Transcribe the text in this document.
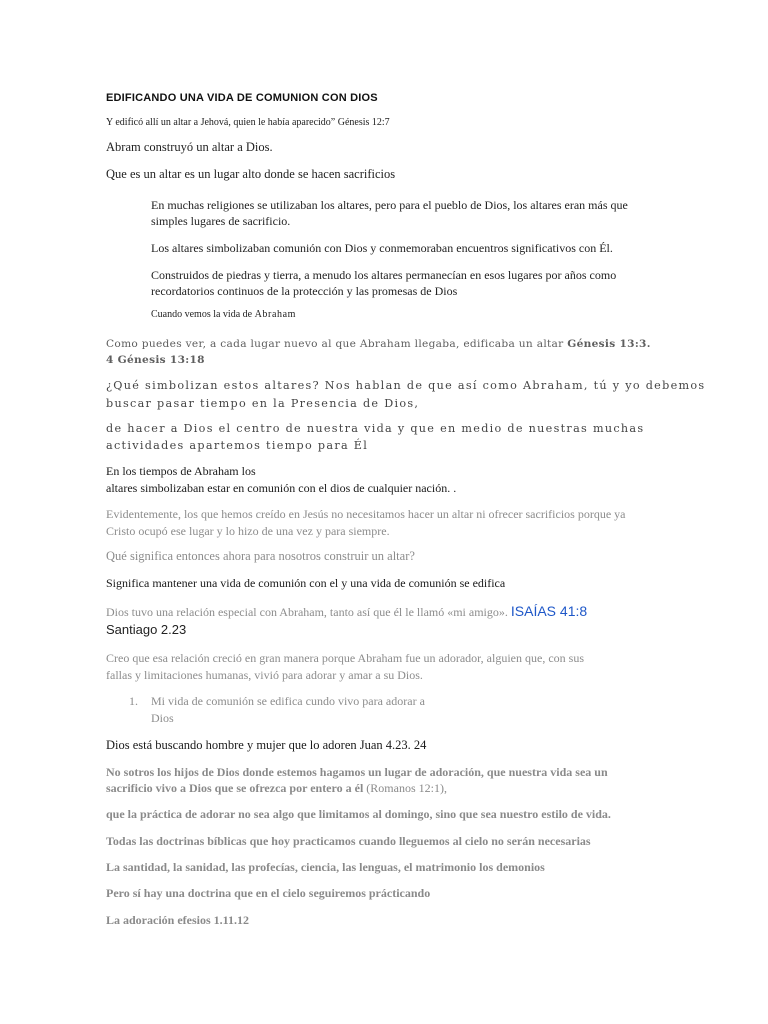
EDIFICANDO UNA VIDA DE COMUNION CON DIOS

Y edificó allí un altar a Jehová, quien le había aparecido” Génesis 12:7

Abram construyó un altar a Dios.

Que es un altar es un lugar alto donde se hacen sacrificios

En muchas religiones se utilizaban los altares, pero para el pueblo de Dios, los altares eran más que

simples lugares de sacrificio.

Los altares simbolizaban comunión con Dios y conmemoraban encuentros significativos con Él.

Construidos de piedras y tierra, a menudo los altares permanecían en esos lugares por años como

recordatorios continuos de la protección y las promesas de Dios

Cuando vemos la vida de Abraham

Como puedes ver, a cada lugar nuevo al que Abraham llegaba, edificaba un altar Génesis 13:3.

4 Génesis 13:18

¿Qué simbolizan estos altares? Nos hablan de que así como Abraham, tú y yo debemos

buscar pasar tiempo en la Presencia de Dios,

de hacer a Dios el centro de nuestra vida y que en medio de nuestras muchas

actividades apartemos tiempo para Él

En los tiempos de Abraham los

altares simbolizaban estar en comunión con el dios de cualquier nación. .

Evidentemente, los que hemos creído en Jesús no necesitamos hacer un altar ni ofrecer sacrificios porque ya

Cristo ocupó ese lugar y lo hizo de una vez y para siempre.

Qué significa entonces ahora para nosotros construir un altar?

Significa mantener una vida de comunión con el y una vida de comunión se edifica

Dios tuvo una relación especial con Abraham, tanto así que él le llamó «mi amigo». ISAÍAS 41:8

Santiago 2.23

Creo que esa relación creció en gran manera porque Abraham fue un adorador, alguien que, con sus

fallas y limitaciones humanas, vivió para adorar y amar a su Dios.

1. Mi vida de comunión se edifica cundo vivo para adorar a

Dios

Dios está buscando hombre y mujer que lo adoren Juan 4.23. 24

No sotros los hijos de Dios donde estemos hagamos un lugar de adoración, que nuestra vida sea un

sacrificio vivo a Dios que se ofrezca por entero a él (Romanos 12:1),

que la práctica de adorar no sea algo que limitamos al domingo, sino que sea nuestro estilo de vida.

Todas las doctrinas bíblicas que hoy practicamos cuando lleguemos al cielo no serán necesarias

La santidad, la sanidad, las profecías, ciencia, las lenguas, el matrimonio los demonios

Pero sí hay una doctrina que en el cielo seguiremos prácticando

La adoración efesios 1.11.12
